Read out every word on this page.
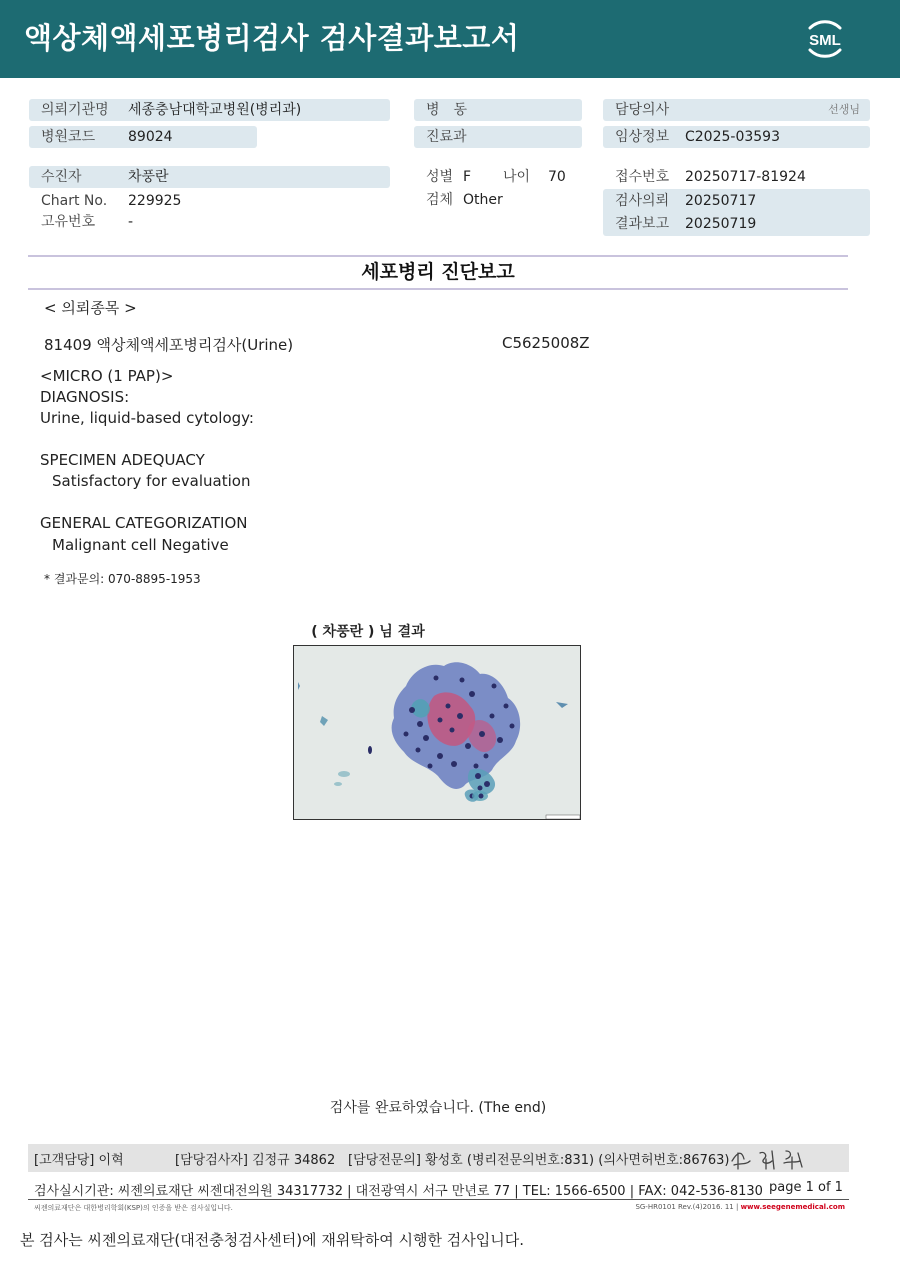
액상체액세포병리검사 검사결과보고서	SML
의뢰기관명 세종충남대학교병원(병리과)
병원코드 89024
수진자	차풍란
Chart No. 229925
고유번호 -
병　동
진료과
성별 F 나이 70
검체 Other
담당의사	선생님
임상정보 C2025-03593
접수번호 20250717-81924
검사의뢰 20250717
결과보고 20250719
세포병리 진단보고
< 의뢰종목 >
81409 액상체액세포병리검사(Urine)	C5625008Z
<MICRO (1 PAP)>
DIAGNOSIS:
Urine, liquid-based cytology:
SPECIMEN ADEQUACY
Satisfactory for evaluation
GENERAL CATEGORIZATION
Malignant cell Negative
* 결과문의: 070-8895-1953
( 차풍란 ) 님 결과
검사를 완료하였습니다. (The end)
[고객담당] 이혁	[담당검사자] 김정규 34862 [담당전문의] 황성호 (병리전문의번호:831) (의사면허번호:86763)
검사실시기관: 씨젠의료재단 씨젠대전의원 34317732 | 대전광역시 서구 만년로 77 | TEL: 1566-6500 | FAX: 042-536-8130 page 1 of 1
씨젠의료재단은 대한병리학회(KSP)의 인증을 받은 검사실입니다.	SG-HR0101 Rev.(4)2016. 11 | www.seegenemedical.com
본 검사는 씨젠의료재단(대전충청검사센터)에 재위탁하여 시행한 검사입니다.
